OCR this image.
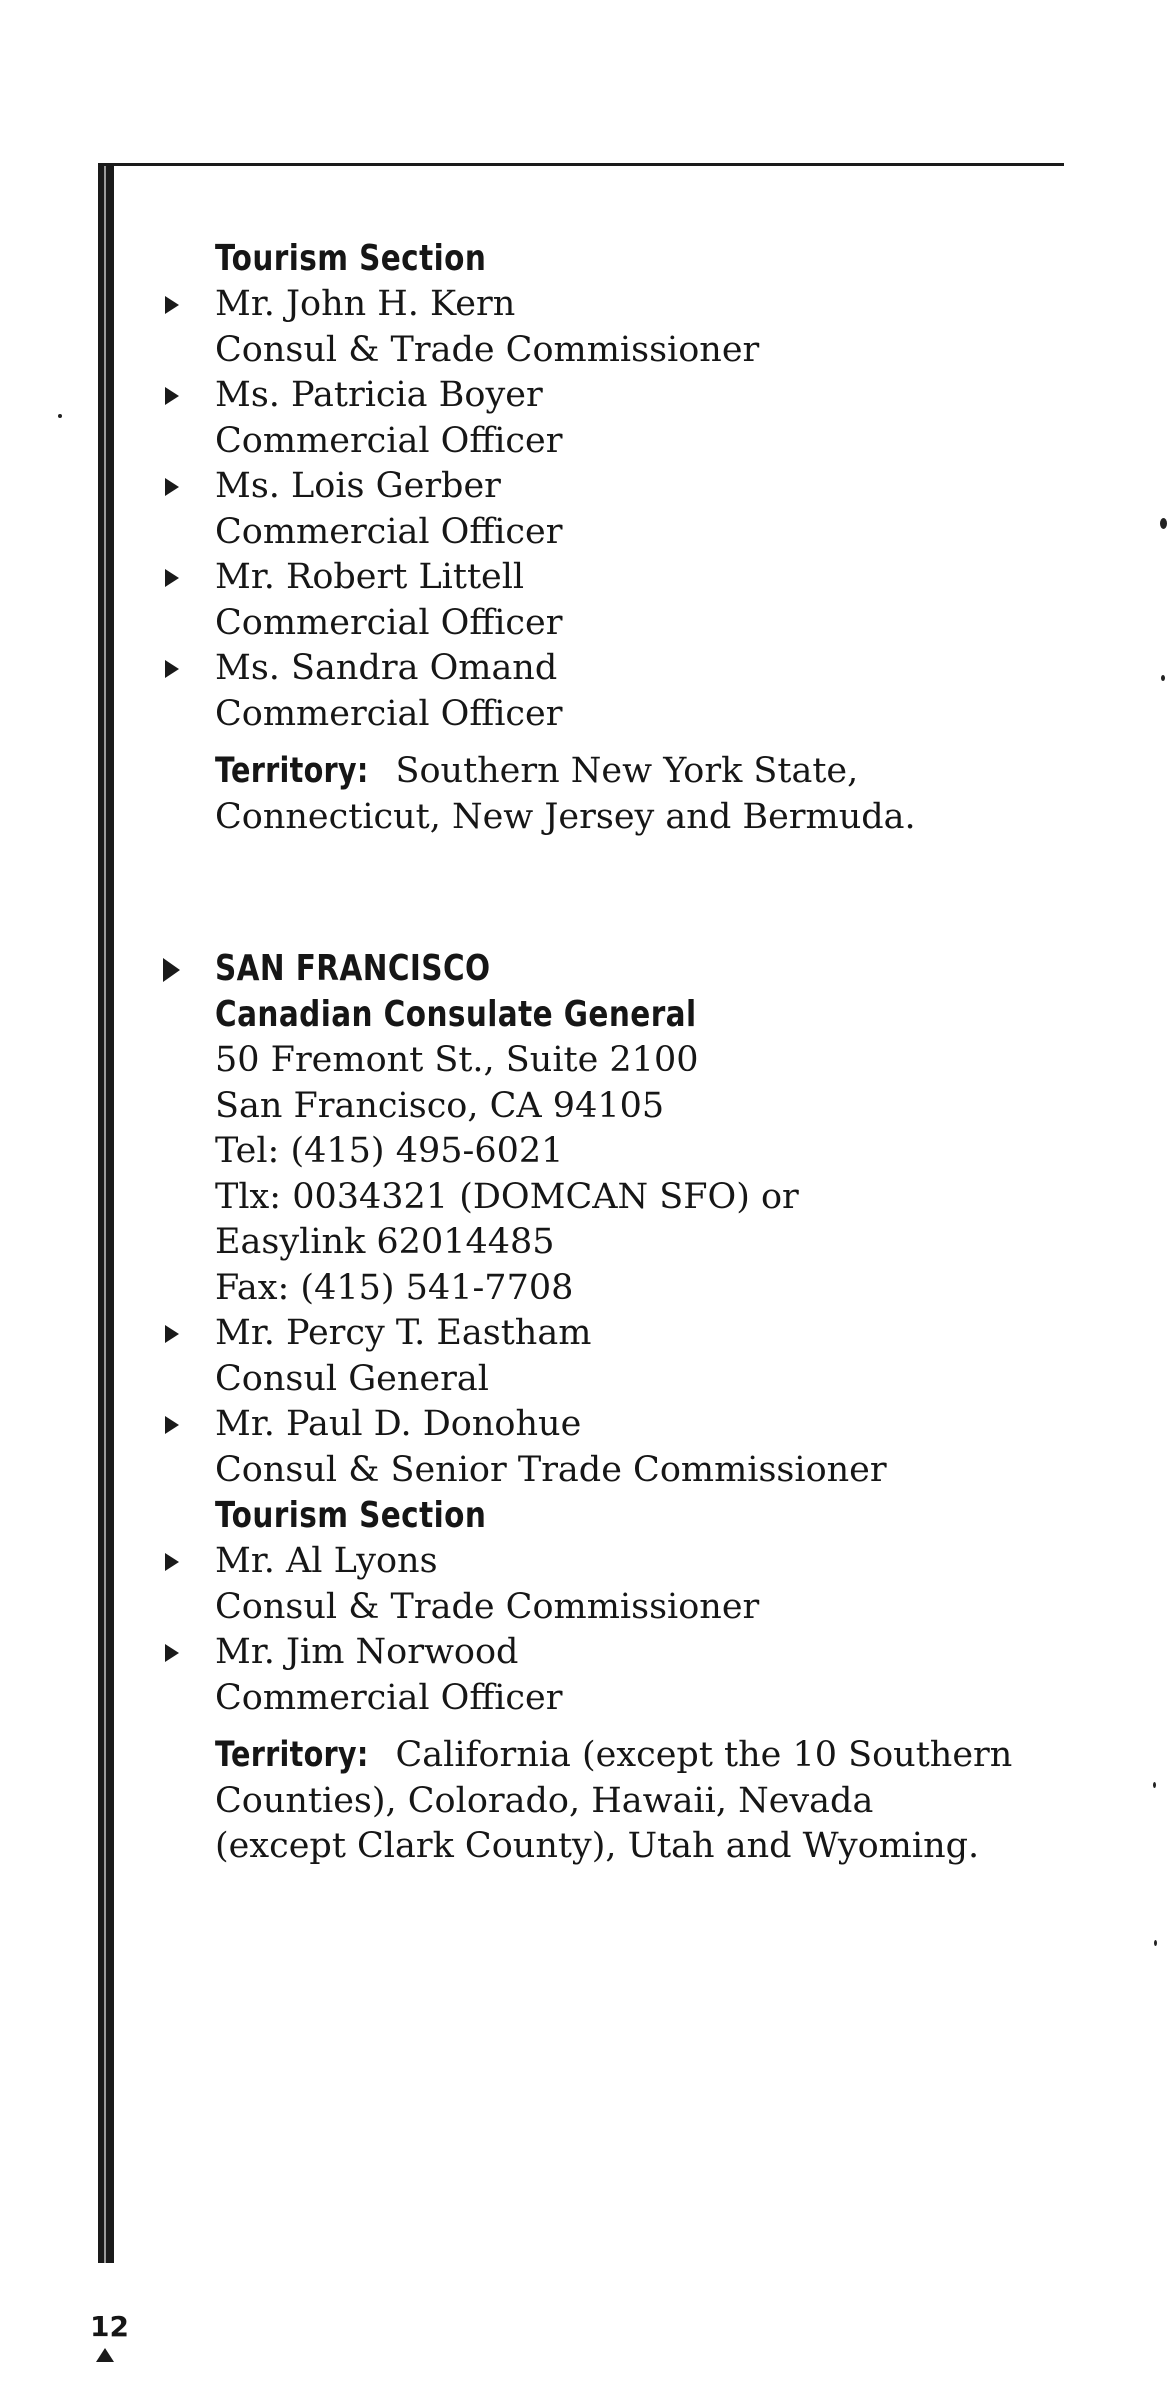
Tourism Section
Mr. John H. Kern
Consul & Trade Commissioner
Ms. Patricia Boyer
Commercial Officer
Ms. Lois Gerber
Commercial Officer
Mr. Robert Littell
Commercial Officer
Ms. Sandra Omand
Commercial Officer
Territory: Southern New York State,
Connecticut, New Jersey and Bermuda.
SAN FRANCISCO
Canadian Consulate General
50 Fremont St., Suite 2100
San Francisco, CA 94105
Tel: (415) 495-6021
Tlx: 0034321 (DOMCAN SFO) or
Easylink 62014485
Fax: (415) 541-7708
Mr. Percy T. Eastham
Consul General
Mr. Paul D. Donohue
Consul & Senior Trade Commissioner
Tourism Section
Mr. Al Lyons
Consul & Trade Commissioner
Mr. Jim Norwood
Commercial Officer
Territory: California (except the 10 Southern
Counties), Colorado, Hawaii, Nevada
(except Clark County), Utah and Wyoming.
12
